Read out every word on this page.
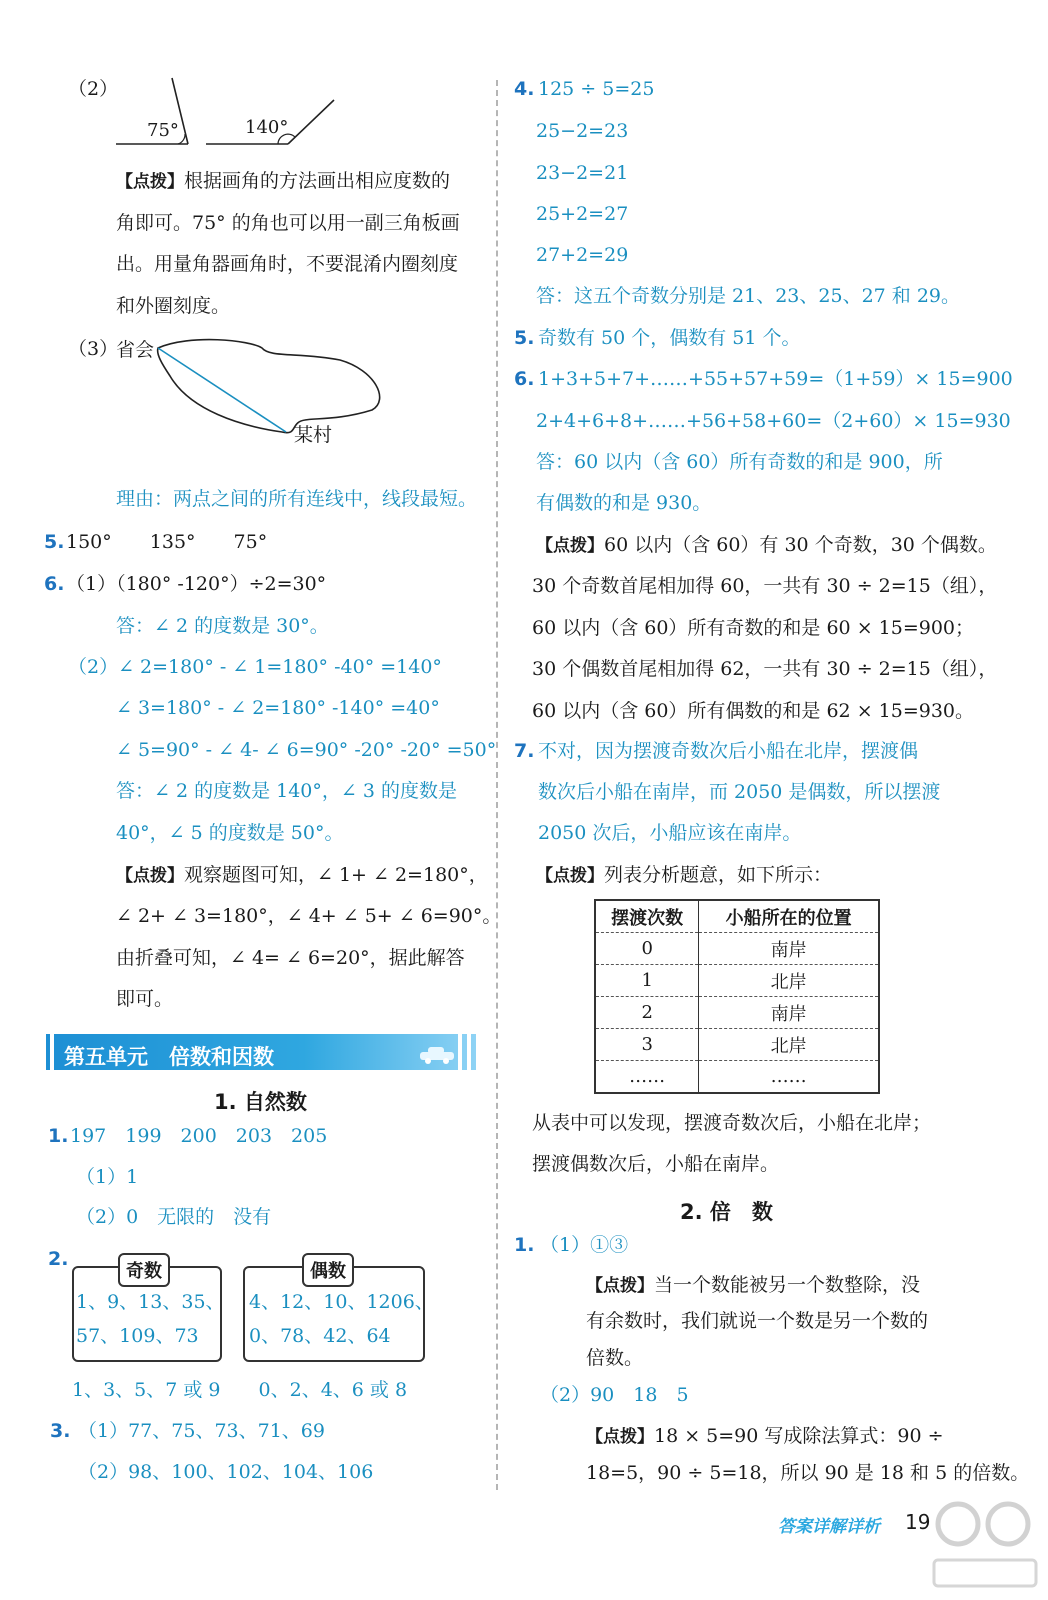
（2）
75°	140°
【点拨】根据画角的方法画出相应度数的
角即可。75° 的角也可以用一副三角板画
出。用量角器画角时，不要混淆内圈刻度
和外圈刻度。
（3）
省会
某村
理由：两点之间的所有连线中，线段最短。
5. 150°　　135°　　75°
6. （1）（180° -120°）÷2=30°
答：∠ 2 的度数是 30°。
（2）∠ 2=180° - ∠ 1=180° -40° =140°
∠ 3=180° - ∠ 2=180° -140° =40°
∠ 5=90° - ∠ 4- ∠ 6=90° -20° -20° =50°
答：∠ 2 的度数是 140°，∠ 3 的度数是
40°，∠ 5 的度数是 50°。
【点拨】观察题图可知，∠ 1+ ∠ 2=180°，
∠ 2+ ∠ 3=180°，∠ 4+ ∠ 5+ ∠ 6=90°。
由折叠可知，∠ 4= ∠ 6=20°，据此解答
即可。
第五单元　倍数和因数
1. 自然数
1. 197　199　200　203　205
（1）1
（2）0　无限的　没有
2.
奇数
1、9、13、35、
57、109、73
偶数
4、12、10、1206、
0、78、42、64
1、3、5、7 或 9　　0、2、4、6 或 8
3. （1）77、75、73、71、69
（2）98、100、102、104、106
4. 125 ÷ 5=25
25−2=23
23−2=21
25+2=27
27+2=29
答：这五个奇数分别是 21、23、25、27 和 29。
5. 奇数有 50 个，偶数有 51 个。
6. 1+3+5+7+……+55+57+59=（1+59）× 15=900
2+4+6+8+……+56+58+60=（2+60）× 15=930
答：60 以内（含 60）所有奇数的和是 900，所
有偶数的和是 930。
【点拨】60 以内（含 60）有 30 个奇数，30 个偶数。
30 个奇数首尾相加得 60，一共有 30 ÷ 2=15（组），
60 以内（含 60）所有奇数的和是 60 × 15=900；
30 个偶数首尾相加得 62，一共有 30 ÷ 2=15（组），
60 以内（含 60）所有偶数的和是 62 × 15=930。
7. 不对，因为摆渡奇数次后小船在北岸，摆渡偶
数次后小船在南岸，而 2050 是偶数，所以摆渡
2050 次后，小船应该在南岸。
【点拨】列表分析题意，如下所示：
摆渡次数	小船所在的位置
0	南岸
1	北岸
2	南岸
3	北岸
……	……
从表中可以发现，摆渡奇数次后，小船在北岸；
摆渡偶数次后，小船在南岸。
2. 倍　数
1. （1）①③
【点拨】当一个数能被另一个数整除，没
有余数时，我们就说一个数是另一个数的
倍数。
（2）90　18　5
【点拨】18 × 5=90 写成除法算式：90 ÷
18=5，90 ÷ 5=18，所以 90 是 18 和 5 的倍数。
答案详解详析 19
